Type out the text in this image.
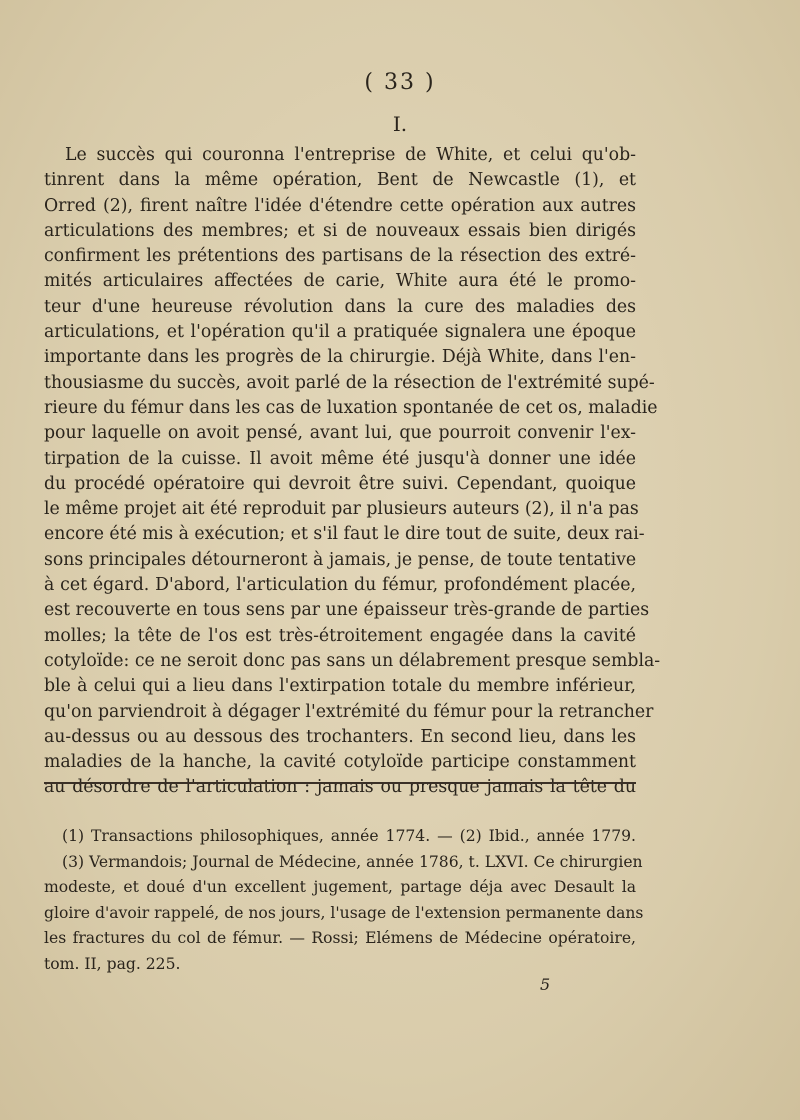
( 33 )
I.
Le succès qui couronna l'entreprise de White, et celui qu'ob-
tinrent dans la même opération, Bent de Newcastle (1), et
Orred (2), firent naître l'idée d'étendre cette opération aux autres
articulations des membres; et si de nouveaux essais bien dirigés
confirment les prétentions des partisans de la résection des extré-
mités articulaires affectées de carie, White aura été le promo-
teur d'une heureuse révolution dans la cure des maladies des
articulations, et l'opération qu'il a pratiquée signalera une époque
importante dans les progrès de la chirurgie. Déjà White, dans l'en-
thousiasme du succès, avoit parlé de la résection de l'extrémité supé-
rieure du fémur dans les cas de luxation spontanée de cet os, maladie
pour laquelle on avoit pensé, avant lui, que pourroit convenir l'ex-
tirpation de la cuisse. Il avoit même été jusqu'à donner une idée
du procédé opératoire qui devroit être suivi. Cependant, quoique
le même projet ait été reproduit par plusieurs auteurs (2), il n'a pas
encore été mis à exécution; et s'il faut le dire tout de suite, deux rai-
sons principales détourneront à jamais, je pense, de toute tentative
à cet égard. D'abord, l'articulation du fémur, profondément placée,
est recouverte en tous sens par une épaisseur très-grande de parties
molles; la tête de l'os est très-étroitement engagée dans la cavité
cotyloïde: ce ne seroit donc pas sans un délabrement presque sembla-
ble à celui qui a lieu dans l'extirpation totale du membre inférieur,
qu'on parviendroit à dégager l'extrémité du fémur pour la retrancher
au-dessus ou au dessous des trochanters. En second lieu, dans les
maladies de la hanche, la cavité cotyloïde participe constamment
au désordre de l'articulation : jamais ou presque jamais la tête du
(1) Transactions philosophiques, année 1774. — (2) Ibid., année 1779.
(3) Vermandois; Journal de Médecine, année 1786, t. LXVI. Ce chirurgien
modeste, et doué d'un excellent jugement, partage déja avec Desault la
gloire d'avoir rappelé, de nos jours, l'usage de l'extension permanente dans
les fractures du col de fémur. — Rossi; Elémens de Médecine opératoire,
tom. II, pag. 225.
5
